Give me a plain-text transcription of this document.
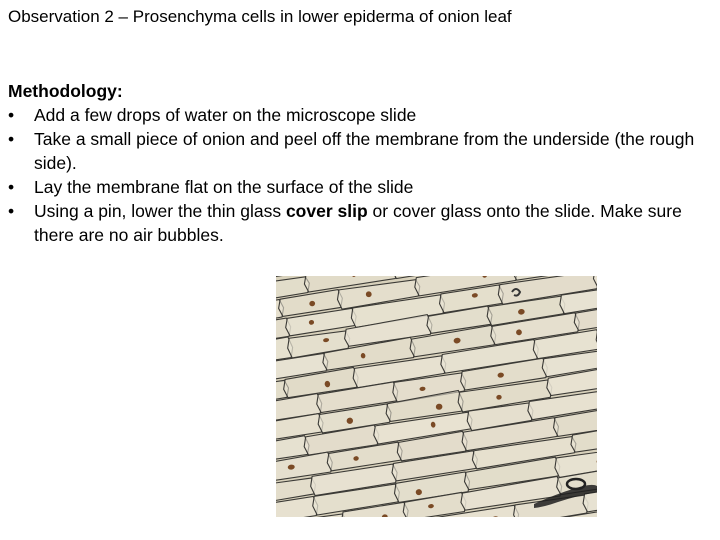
Observation 2 – Prosenchyma cells in lower epiderma of onion leaf
Methodology:
•	Add a few drops of water on the microscope slide
•	Take a small piece of onion and peel off the membrane from the underside (the rough side).
•	Lay the membrane flat on the surface of the slide
•	Using a pin, lower the thin glass cover slip or cover glass onto the slide. Make sure there are no air bubbles.
